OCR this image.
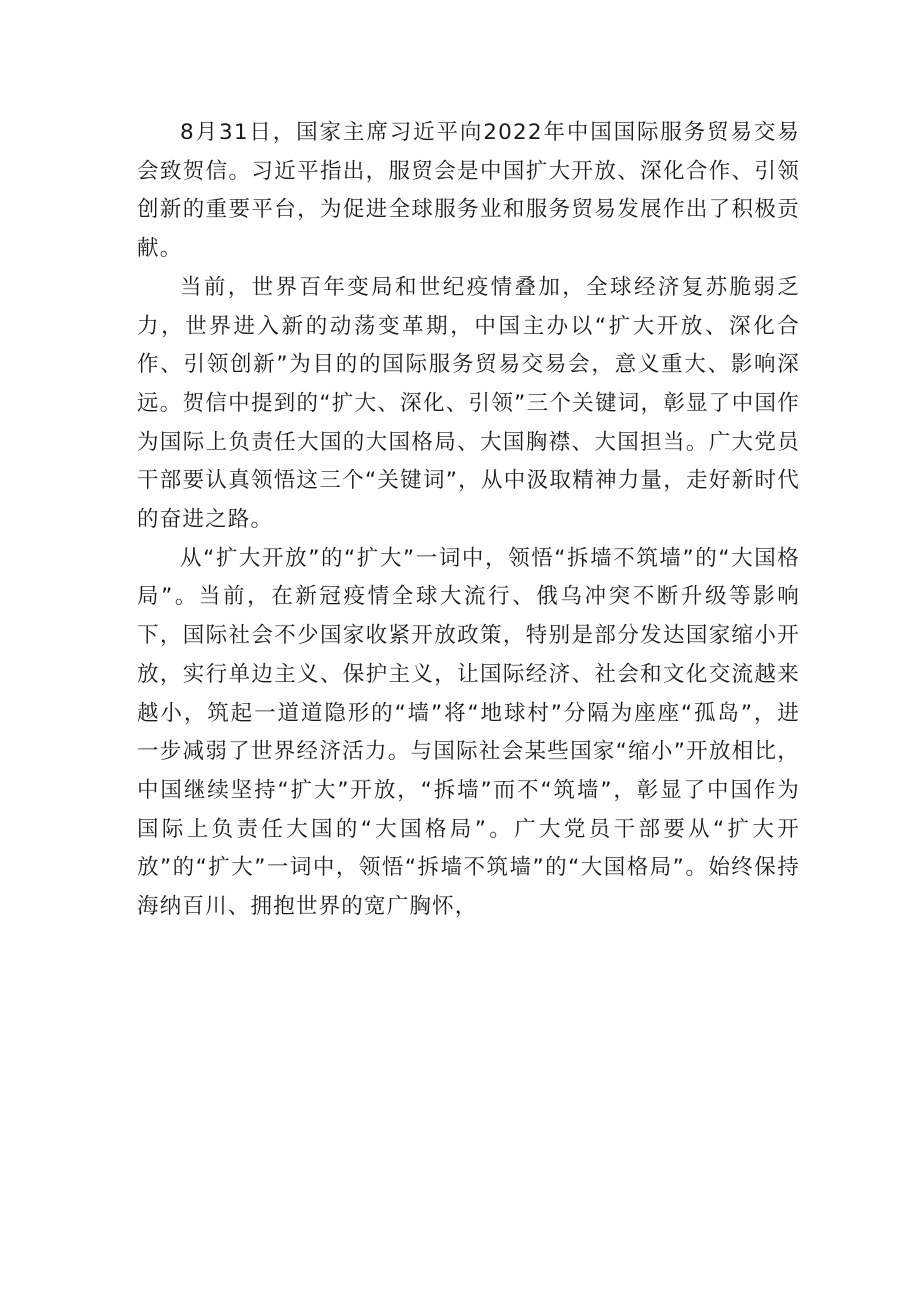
8月31日，国家主席习近平向2022年中国国际服务贸易交易会致贺信。习近平指出，服贸会是中国扩大开放、深化合作、引领创新的重要平台，为促进全球服务业和服务贸易发展作出了积极贡献。

当前，世界百年变局和世纪疫情叠加，全球经济复苏脆弱乏力，世界进入新的动荡变革期，中国主办以“扩大开放、深化合作、引领创新”为目的的国际服务贸易交易会，意义重大、影响深远。贺信中提到的“扩大、深化、引领”三个关键词，彰显了中国作为国际上负责任大国的大国格局、大国胸襟、大国担当。广大党员干部要认真领悟这三个“关键词”，从中汲取精神力量，走好新时代的奋进之路。

从“扩大开放”的“扩大”一词中，领悟“拆墙不筑墙”的“大国格局”。当前，在新冠疫情全球大流行、俄乌冲突不断升级等影响下，国际社会不少国家收紧开放政策，特别是部分发达国家缩小开放，实行单边主义、保护主义，让国际经济、社会和文化交流越来越小，筑起一道道隐形的“墙”将“地球村”分隔为座座“孤岛”，进一步减弱了世界经济活力。与国际社会某些国家“缩小”开放相比，中国继续坚持“扩大”开放，“拆墙”而不“筑墙”，彰显了中国作为国际上负责任大国的“大国格局”。广大党员干部要从“扩大开放”的“扩大”一词中，领悟“拆墙不筑墙”的“大国格局”。始终保持海纳百川、拥抱世界的宽广胸怀，
